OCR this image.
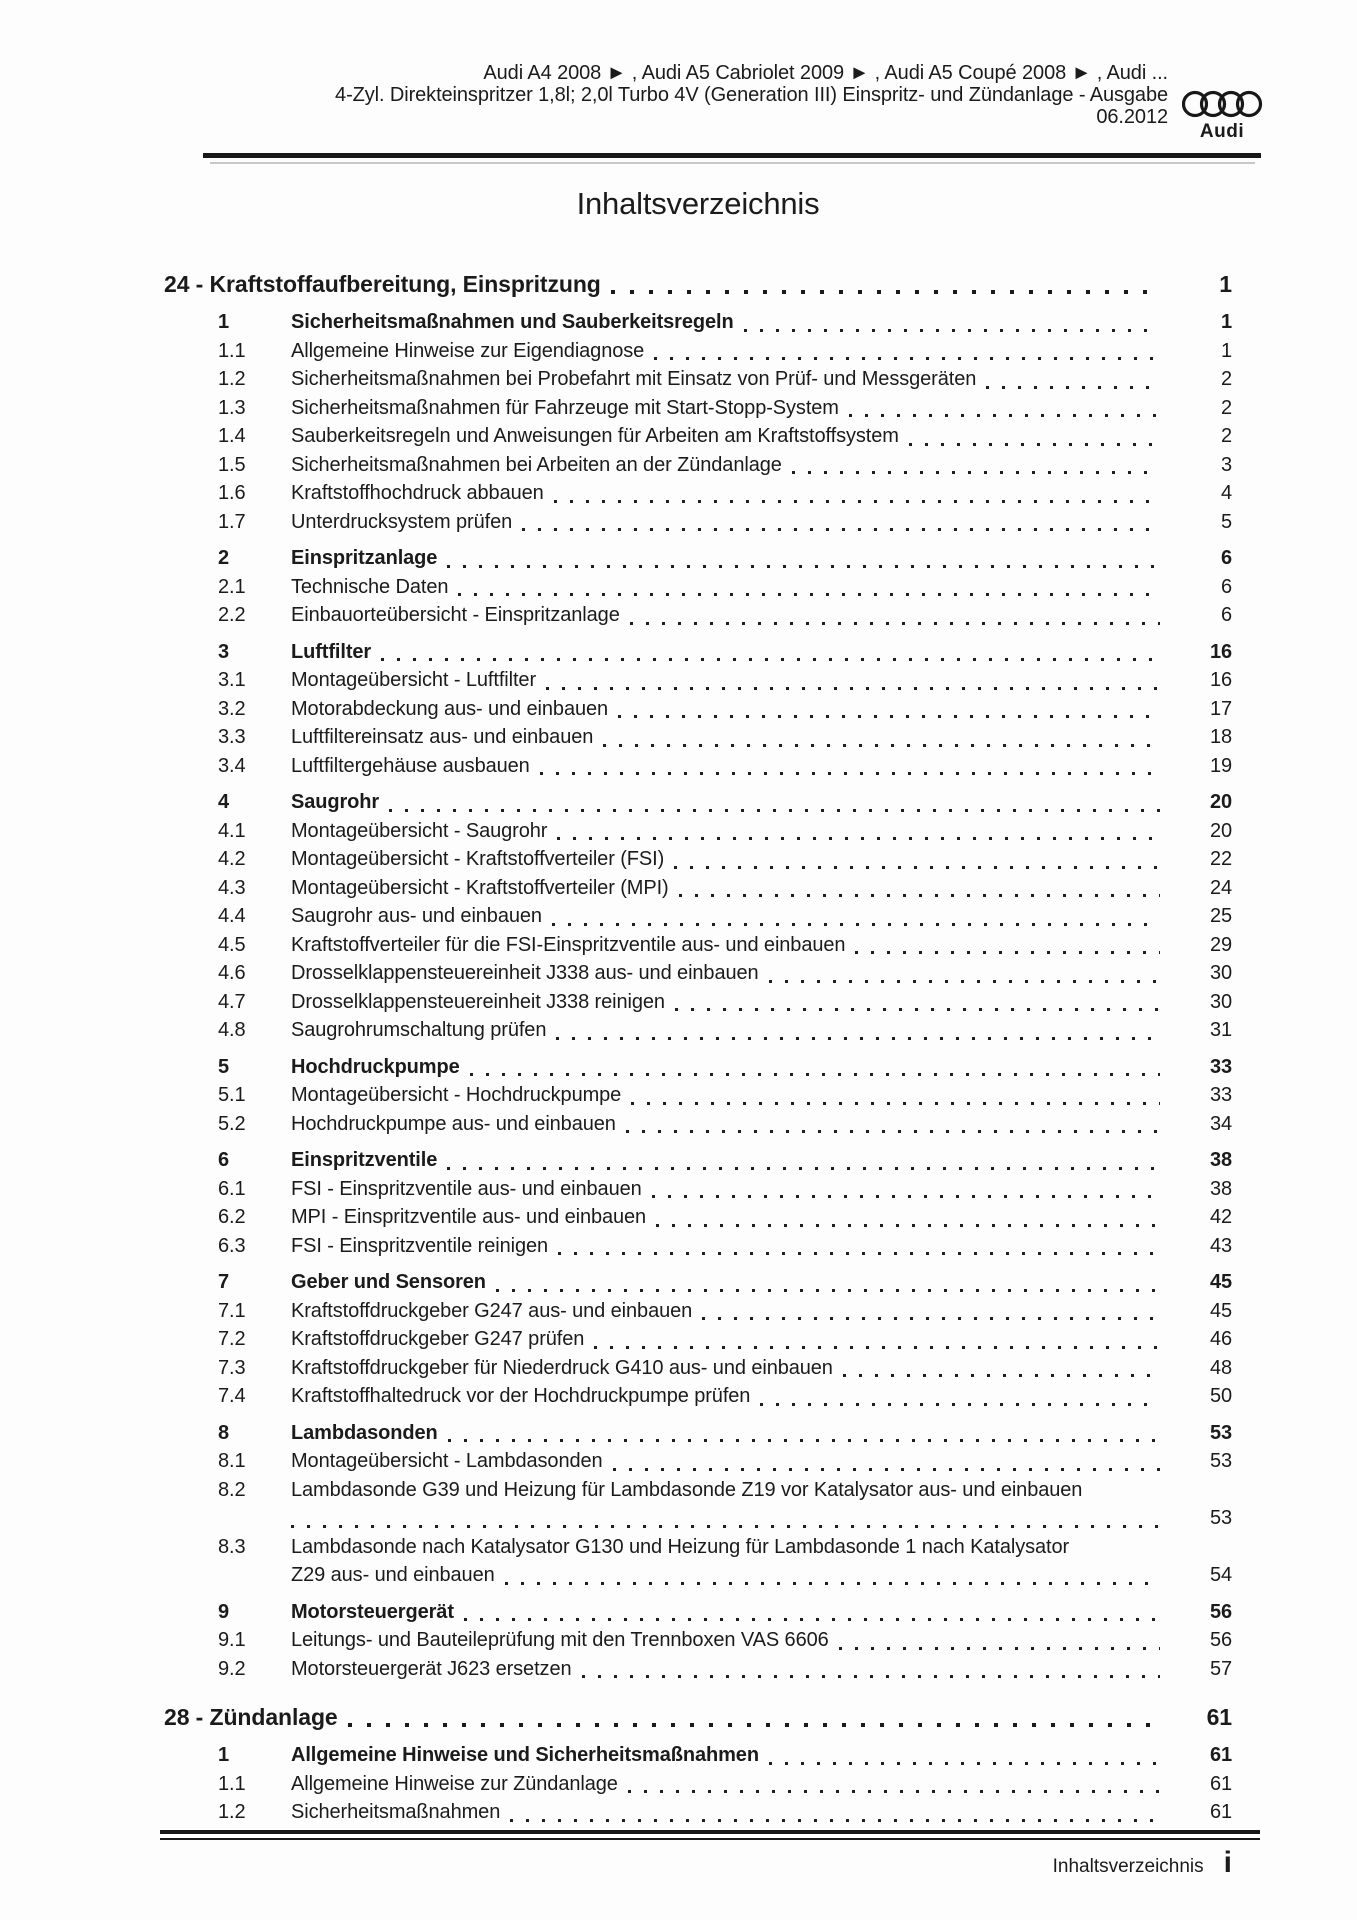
Audi A4 2008 ► , Audi A5 Cabriolet 2009 ► , Audi A5 Coupé 2008 ► , Audi ...
4-Zyl. Direkteinspritzer 1,8l; 2,0l Turbo 4V (Generation III) Einspritz- und Zündanlage - Ausgabe
06.2012
Audi
Inhaltsverzeichnis
24 - Kraftstoffaufbereitung, Einspritzung	1
1	Sicherheitsmaßnahmen und Sauberkeitsregeln	1
1.1	Allgemeine Hinweise zur Eigendiagnose	1
1.2	Sicherheitsmaßnahmen bei Probefahrt mit Einsatz von Prüf- und Messgeräten	2
1.3	Sicherheitsmaßnahmen für Fahrzeuge mit Start-Stopp-System	2
1.4	Sauberkeitsregeln und Anweisungen für Arbeiten am Kraftstoffsystem	2
1.5	Sicherheitsmaßnahmen bei Arbeiten an der Zündanlage	3
1.6	Kraftstoffhochdruck abbauen	4
1.7	Unterdrucksystem prüfen	5
2	Einspritzanlage	6
2.1	Technische Daten	6
2.2	Einbauorteübersicht - Einspritzanlage	6
3	Luftfilter	16
3.1	Montageübersicht - Luftfilter	16
3.2	Motorabdeckung aus- und einbauen	17
3.3	Luftfiltereinsatz aus- und einbauen	18
3.4	Luftfiltergehäuse ausbauen	19
4	Saugrohr	20
4.1	Montageübersicht - Saugrohr	20
4.2	Montageübersicht - Kraftstoffverteiler (FSI)	22
4.3	Montageübersicht - Kraftstoffverteiler (MPI)	24
4.4	Saugrohr aus- und einbauen	25
4.5	Kraftstoffverteiler für die FSI-Einspritzventile aus- und einbauen	29
4.6	Drosselklappensteuereinheit J338 aus- und einbauen	30
4.7	Drosselklappensteuereinheit J338 reinigen	30
4.8	Saugrohrumschaltung prüfen	31
5	Hochdruckpumpe	33
5.1	Montageübersicht - Hochdruckpumpe	33
5.2	Hochdruckpumpe aus- und einbauen	34
6	Einspritzventile	38
6.1	FSI - Einspritzventile aus- und einbauen	38
6.2	MPI - Einspritzventile aus- und einbauen	42
6.3	FSI - Einspritzventile reinigen	43
7	Geber und Sensoren	45
7.1	Kraftstoffdruckgeber G247 aus- und einbauen	45
7.2	Kraftstoffdruckgeber G247 prüfen	46
7.3	Kraftstoffdruckgeber für Niederdruck G410 aus- und einbauen	48
7.4	Kraftstoffhaltedruck vor der Hochdruckpumpe prüfen	50
8	Lambdasonden	53
8.1	Montageübersicht - Lambdasonden	53
8.2	Lambdasonde G39 und Heizung für Lambdasonde Z19 vor Katalysator aus- und einbauen
53
8.3	Lambdasonde nach Katalysator G130 und Heizung für Lambdasonde 1 nach Katalysator
Z29 aus- und einbauen	54
9	Motorsteuergerät	56
9.1	Leitungs- und Bauteileprüfung mit den Trennboxen VAS 6606	56
9.2	Motorsteuergerät J623 ersetzen	57
28 - Zündanlage	61
1	Allgemeine Hinweise und Sicherheitsmaßnahmen	61
1.1	Allgemeine Hinweise zur Zündanlage	61
1.2	Sicherheitsmaßnahmen	61
Inhaltsverzeichnis i
